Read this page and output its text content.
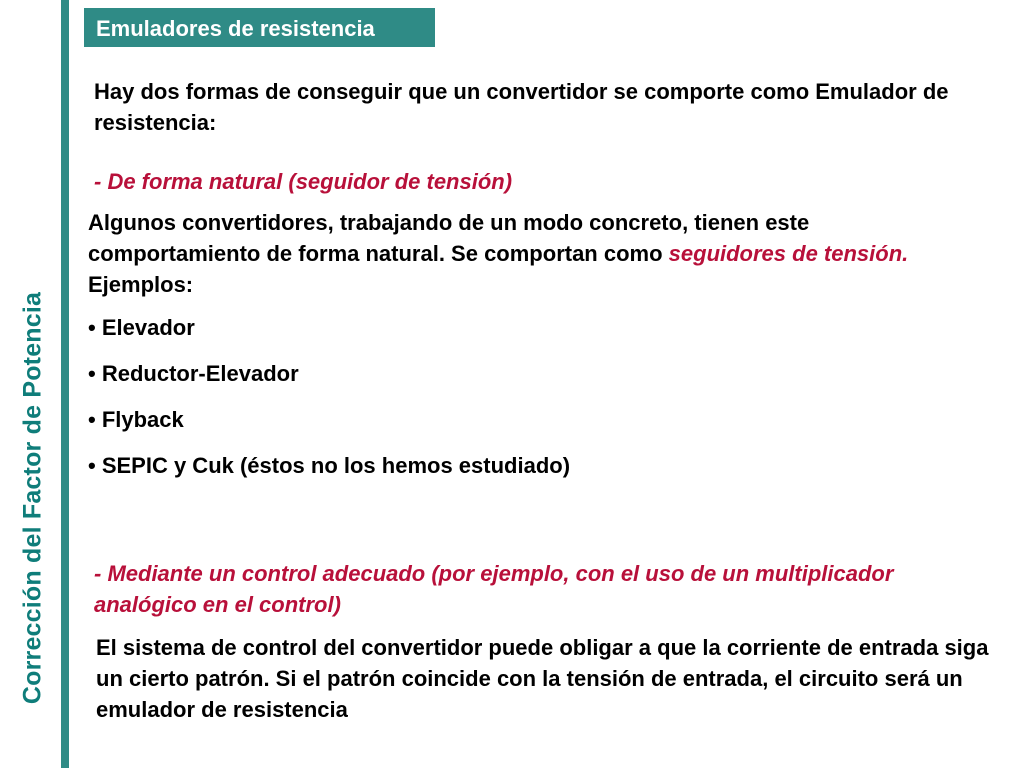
Corrección del Factor de Potencia
Emuladores de resistencia
Hay dos formas de conseguir que un convertidor se comporte como Emulador de resistencia:
- De forma natural (seguidor de tensión)
Algunos convertidores, trabajando de un modo concreto, tienen este comportamiento de forma natural. Se comportan como seguidores de tensión. Ejemplos:
• Elevador
• Reductor-Elevador
• Flyback
• SEPIC y Cuk (éstos no los hemos estudiado)
- Mediante un control adecuado (por ejemplo, con el uso de un multiplicador analógico en el control)
El sistema de control del convertidor puede obligar a que la corriente de entrada siga un cierto patrón. Si el patrón coincide con la tensión de entrada, el circuito será un emulador de resistencia
